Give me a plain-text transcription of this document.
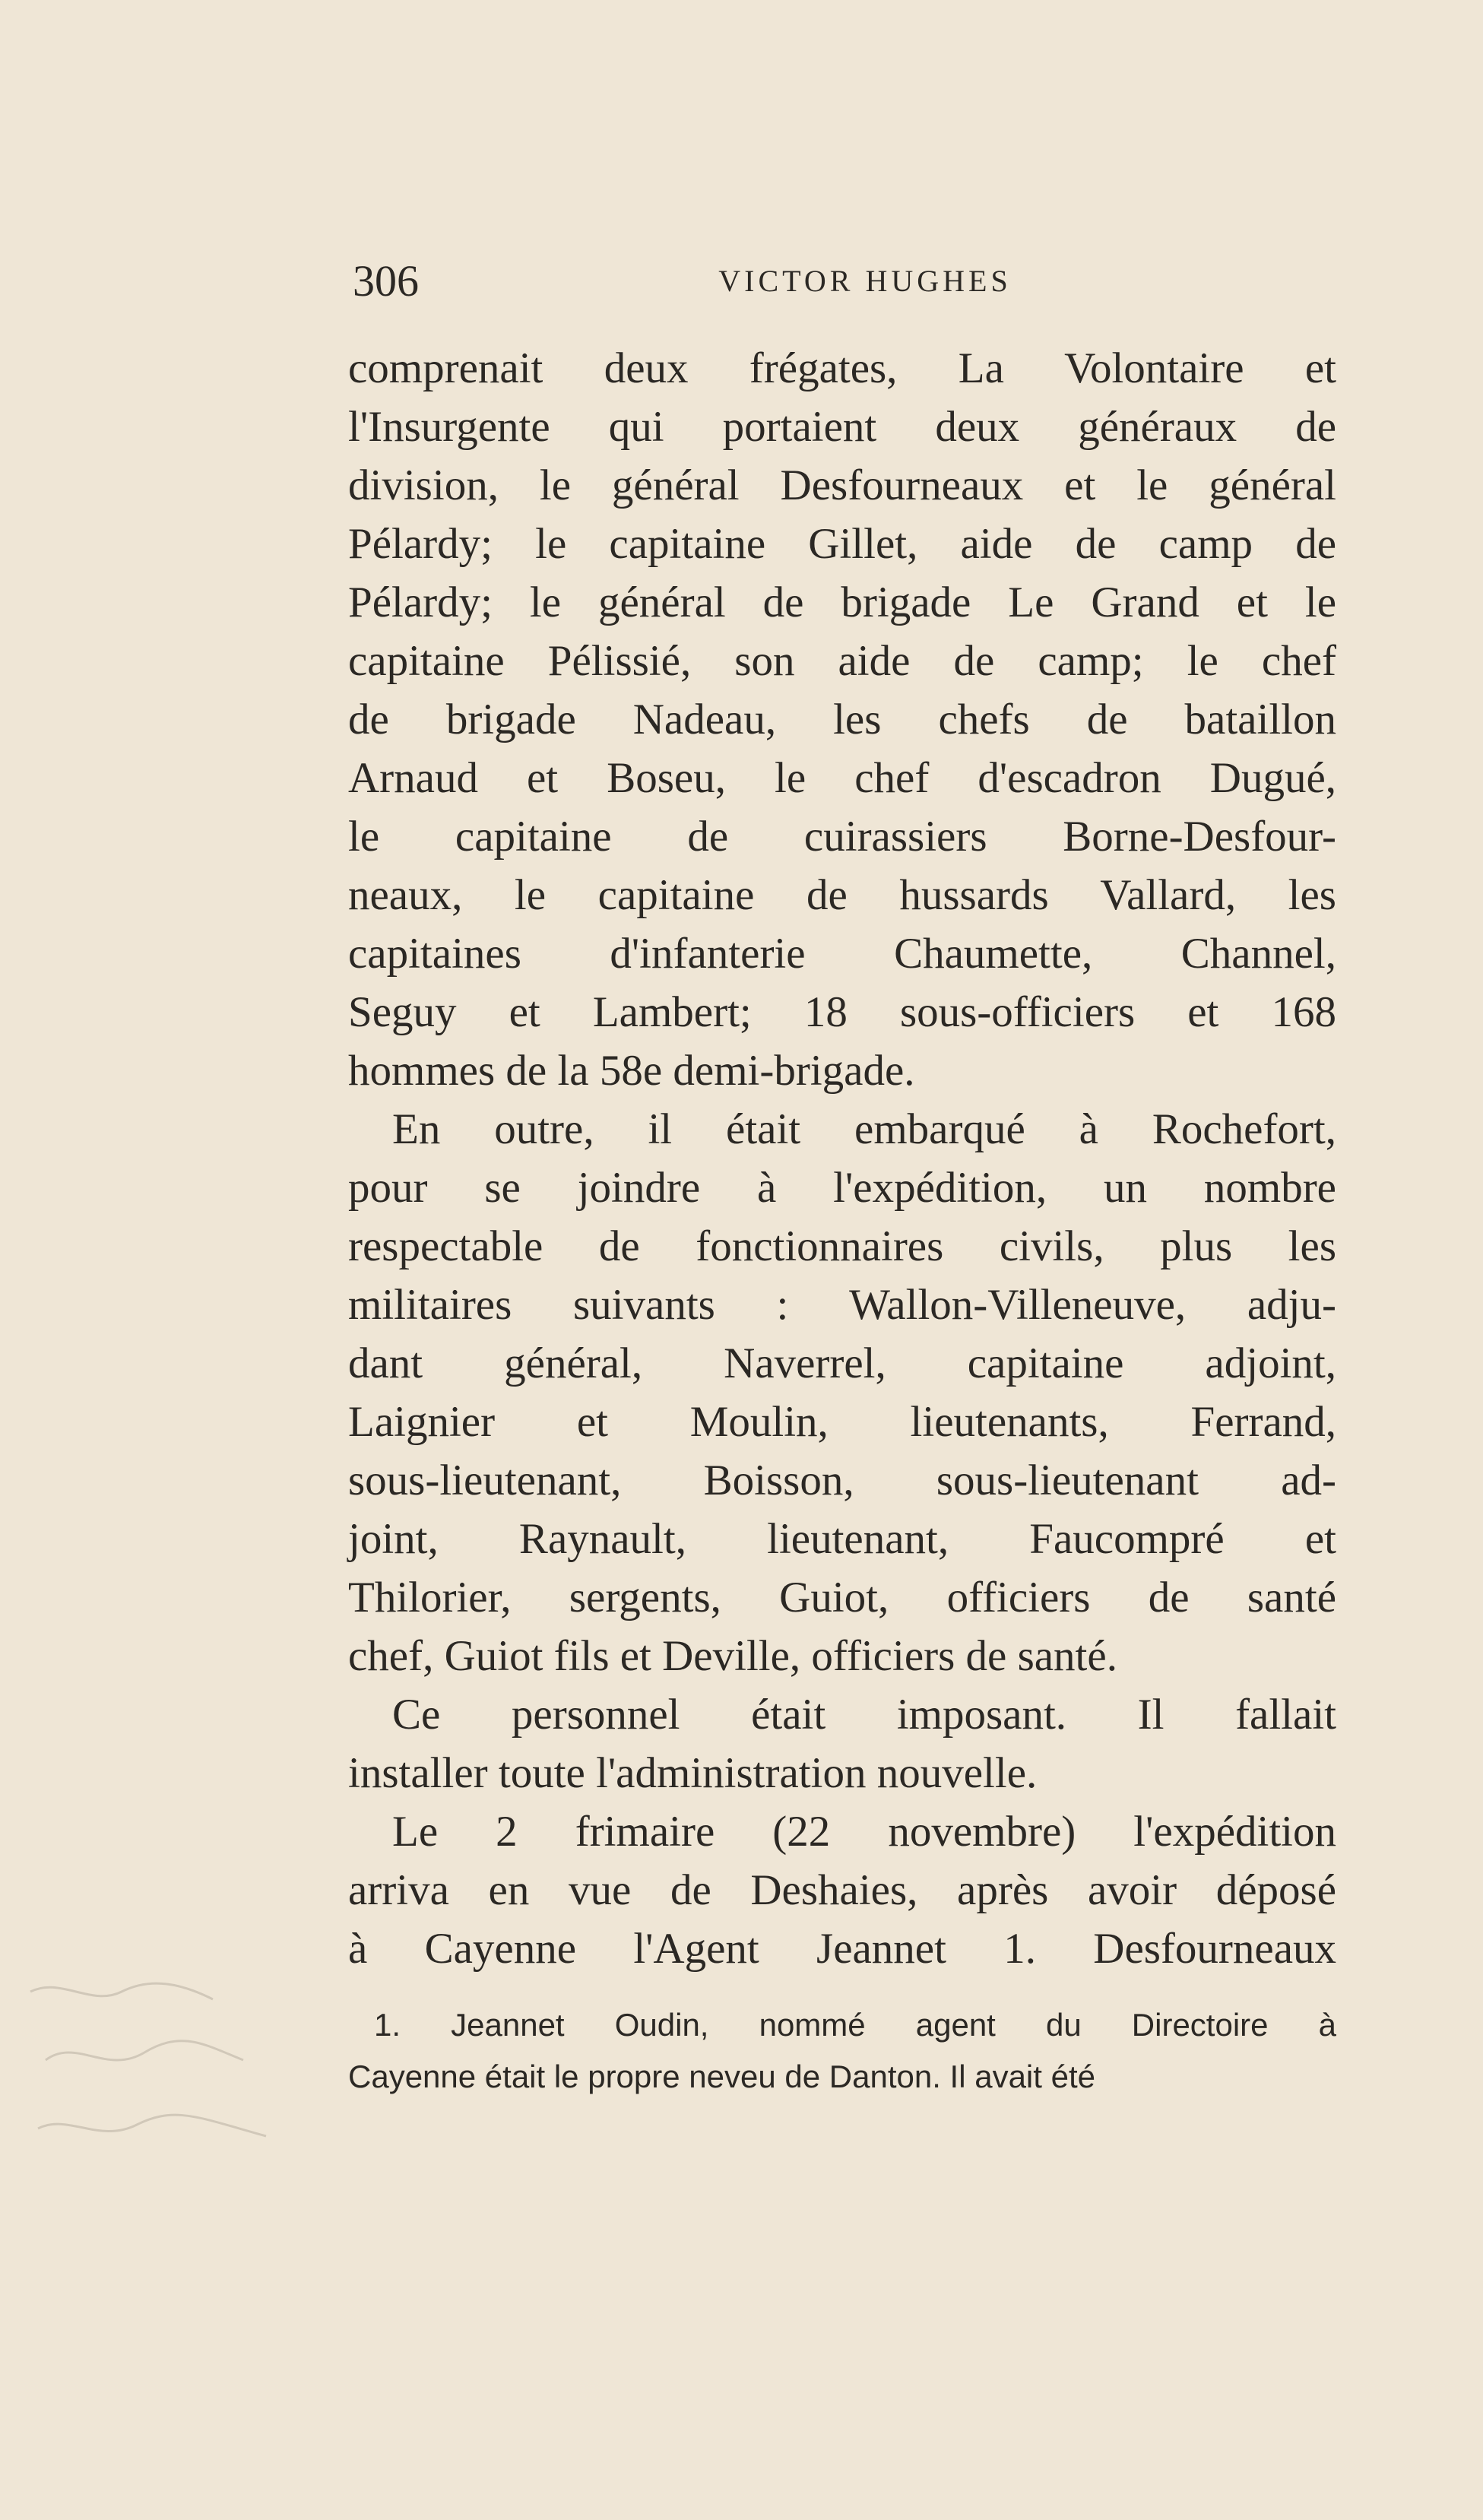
306	VICTOR HUGHES
comprenait deux frégates, La Volontaire et
l'Insurgente qui portaient deux généraux de
division, le général Desfourneaux et le général
Pélardy; le capitaine Gillet, aide de camp de
Pélardy; le général de brigade Le Grand et le
capitaine Pélissié, son aide de camp; le chef
de brigade Nadeau, les chefs de bataillon
Arnaud et Boseu, le chef d'escadron Dugué,
le capitaine de cuirassiers Borne-Desfour-
neaux, le capitaine de hussards Vallard, les
capitaines d'infanterie Chaumette, Channel,
Seguy et Lambert; 18 sous-officiers et 168
hommes de la 58e demi-brigade.
En outre, il était embarqué à Rochefort,
pour se joindre à l'expédition, un nombre
respectable de fonctionnaires civils, plus les
militaires suivants : Wallon-Villeneuve, adju-
dant général, Naverrel, capitaine adjoint,
Laignier et Moulin, lieutenants, Ferrand,
sous-lieutenant, Boisson, sous-lieutenant ad-
joint, Raynault, lieutenant, Faucompré et
Thilorier, sergents, Guiot, officiers de santé
chef, Guiot fils et Deville, officiers de santé.
Ce personnel était imposant. Il fallait
installer toute l'administration nouvelle.
Le 2 frimaire (22 novembre) l'expédition
arriva en vue de Deshaies, après avoir déposé
à Cayenne l'Agent Jeannet 1. Desfourneaux
1. Jeannet Oudin, nommé agent du Directoire à
Cayenne était le propre neveu de Danton. Il avait été
